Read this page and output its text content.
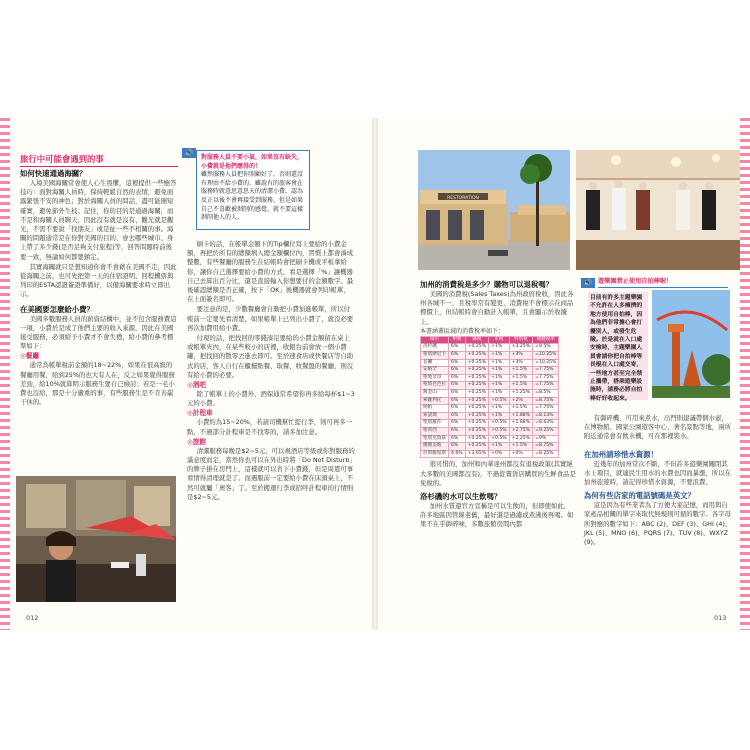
旅行中可能會遇到的事
如何快速通過海關？

入境美國海關常會使人心生畏懼，這裡提供一些應答技巧：面對海關人員時，保持輕鬆自然的表情，避免面露緊張不安的神色；對於海關人員的問話，盡可能簡短確實，避免節外生枝；記住，你的目的是通過海關，而不是和海關人員聊天，因此沒有就是沒有、觀光就是觀光，不需不要說「找朋友」或是扯一些不相關的事。海關的問題通常是在你對美國的目的、會去哪些城市、身上帶了多少錢(是否足夠支付旅程)等，回答問題時前後要一致，無論如何都要鎮定。

其實海關就只是想知道你會不會藉在美國不走，因此從海關之前，也可先把第一天的住宿證明、回程機票與列印的ESTA認證簽證準備好，以備海關要求時立即出示。

在美國要怎麼給小費？

美國多數服務人員的薪資結構中，並不包含服務費這一項，小費於是成了他們主要的收入來源，因此在美國接受服務，必須給予小費才不會失禮，給小費的參考標準如下：

◎餐廳

通常為帳單稅前金額的18~22%，如果在很高級的餐廳用餐，給到25%的也大有人在，反之如果覺得服務差勁，給10%就算明示服務生要自己檢討；若是一毛小費也沒給，那是十分嚴重的事，有些服務生是不肯善罷干休的。

🔊
對服務人員不要小氣，如果沒有缺失，小費就是他們應得的！
雖然服務人員把你照顧好了，否則還沒有理由不給小費的。雖說有的旅客會在服務時就意思意思天的清潔小費，認為反正以後不會再接受到服務，但是如果自己不喜歡被剝削的感覺，就不要這樣剝削他人的人。

刷卡的話，在帳單金額下的Tip欄位寫上要給的小費金額，再把於所有的總額填入總金額欄位內，習慣上都會湊成整數，有些餐廳的服務生在結帳時會把刷卡機或平板拿給你，讓你自己選擇要給小費的方式，看是選擇「%」讓機器自己去算出百分比，還是直接輸入你想要付的金額數字。最後確認總額是否正確，按下「OK」後機器就會列印帳單，在上面簽名即可。

要注意的是，少數餐廳會自動把小費加進帳單，所以付帳前一定要先看清楚，如果帳單上已列出小費了，就沒必要再次加費用給小費。

付現的話，把找回的零錢凑足要給的小費金額留在桌上或帳單夾內，在某些較小的店裡，收銀台前會放一個小費罐，把找回的散零丟進去即可。至於速食店或快餐店等自助式的店，客人自行在櫃檯點餐、取餐、收餐盤的餐廳，則沒有給小費的必要。

◎酒吧

除了帳單上的小費外，酒保通常希望你再多給每杯$1~3元的小費。

◎計程車

小費約為15~20%，若請司機幫忙提行李，則可再多一點，不過部分計程車是不找零的，請多加注意。

◎旅館

清潔服務每晚是$2~5元，可以視酒店等級或你對服務的滿意度而定，當然你也可以在外出時將「Do Not Disturb」的牌子掛在房門上，這樣就可以省下小費錢，但是周恩可事看情得清理就是了。而遇服前一定要給小費在床頭桌上，不然可就屬「奧客」了。至於搬運行李或招呼計程車的行情則是$2~5元。

012
RESTORATION
加州的消費稅是多少？購物可以退稅嗎？

美國的消費稅(Sales Taxes)為州政府稅收，因此各州各城不一，且稅率常有變更，消費稅不會標示在商品標價上，但結帳時會自動計入帳單，且會顯示於收據上。

本書涵蓋區域的消費稅率如下：
城市	州稅	縣稅	市稅	特別稅	總體稅率
洛杉磯	6%	+0.25%	+1%	+3.25%	=9.5%
聖塔摩尼卡	6%	+0.25%	+1%	+3%	=10.25%
長攤	6%	+0.25%	+1%	+3%	=10.25%
安納罕	6%	+0.25%	+1%	+1.5%	=7.75%
聖地牙哥	6%	+0.25%	+1%	+1.5%	=7.75%
聖塔芭芭拉	6%	+0.25%	+1%	+1.5%	=7.75%
舊金山	6%	+0.25%	+1%	+1.25%	=8.5%
索薩利托	6%	+0.25%	+0.5%	+2%	=8.75%
納帕	6%	+0.25%	+1%	+1.5%	=7.75%
索諾瑪	6%	+0.25%	+1%	+1.88%	=8.13%
聖塔羅莎	6%	+0.25%	+0.5%	+1.88%	=8.63%
聖荷西	6%	+0.25%	+0.5%	+2.75%	=9.25%
聖塔克魯茲	6%	+0.25%	+0.5%	+2.25%	=9%
優勝美地	6%	+0.25%	+1%	+1.5%	=8.75%
拉斯維加斯	4.6%	+3.65%	+0%	+0%	=8.25%

很可惜的，加州和內華達州都沒有退稅政策(其實絕大多數的美國都沒有)，不過從賣貨店購買的生鮮食品是免稅的。

洛杉磯的水可以生飲嗎？

加州水質還官方宣稱是可以生飲的，但即使如此，許多地區因管線老舊，最好還是過濾或煮沸後再喝。如果不在乎御碎味，多數旅館房間內都

🔊 遊樂園禁止使用自拍棒喔！
目前有許多主題樂園不允許在人多擁擠的地方使用自拍棒，因為他們非常擔心會打擾別人，或發生危險。於是就在入口處安檢時，主題樂園人員會請你把自拍棒等長棍在入口處交寄，一些地方甚至完全禁止攜帶，搭乘遊樂設施時，請務必將自拍棒好好收起來。

有御碎機，可用來煮水，出門則建議帶個水壺，在博物館、國家公園遊客中心、著名景點等地，兩所附近通常會有飲水機，可在那裡裝水。

在加州請珍惜水資源！

近幾年的加州常次不斷，不但許多遊樂園關閉其水上項目，就連民生用水的水費也因而暴漲，所以在加州旅遊時，請記得珍惜水資源，不要浪費。

為何有些店家的電話號碼是英文？

這是因為有些業者為了方便大家記憶，而用與自家產品相關的單字來取代無規則可循的數字。各字母所對應的數字如下：ABC (2)、DEF (3)、GHI (4)、JKL (5)、MNO (6)、PQRS (7)、TUV (8)、WXYZ (9)。

013
